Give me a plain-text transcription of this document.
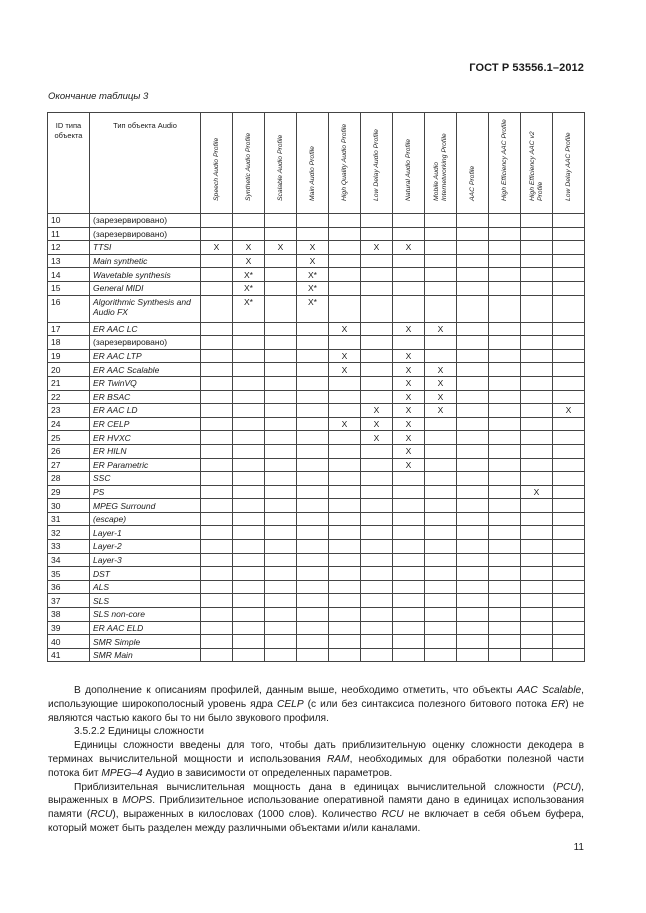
ГОСТ Р 53556.1–2012
Окончание таблицы 3
ID типа объекта	Тип объекта Audio	Speech Audio Profile	Synthetic Audio Profile	Scalable Audio Profile	Main Audio Profile	High Quality Audio Profile	Low Delay Audio Profile	Natural Audio Profile	Mobile Audio Internetworking Profile	AAC Profile	High Efficiency AAC Profile	High Efficiency AAC v2 Profile	Low Delay AAC Profile

10	(зарезервировано)												
11	(зарезервировано)												
12	TTSI	X	X	X	X		X	X					
13	Main synthetic		X		X								
14	Wavetable synthesis		X*		X*								
15	General MIDI		X*		X*								
16	Algorithmic Synthesis and Audio FX		X*		X*								
17	ER AAC LC					X		X	X				
18	(зарезервировано)												
19	ER AAC LTP					X		X					
20	ER AAC Scalable					X		X	X				
21	ER TwinVQ							X	X				
22	ER BSAC							X	X				
23	ER AAC LD						X	X	X				X
24	ER CELP					X	X	X					
25	ER HVXC						X	X					
26	ER HILN							X					
27	ER Parametric							X					
28	SSC												
29	PS											X	
30	MPEG Surround												
31	(escape)												
32	Layer-1												
33	Layer-2												
34	Layer-3												
35	DST												
36	ALS												
37	SLS												
38	SLS non-core												
39	ER AAC ELD												
40	SMR Simple												
41	SMR Main												

В дополнение к описаниям профилей, данным выше, необходимо отметить, что объекты AAC Scalable, использующие широкополосный уровень ядра CELP (с или без синтаксиса полезного битового потока ER) не являются частью какого бы то ни было звукового профиля.

3.5.2.2 Единицы сложности

Единицы сложности введены для того, чтобы дать приблизительную оценку сложности декодера в терминах вычислительной мощности и использования RAM, необходимых для обработки полезной части потока бит MPEG–4 Аудио в зависимости от определенных параметров.

Приблизительная вычислительная мощность дана в единицах вычислительной сложности (PCU), выраженных в MOPS. Приблизительное использование оперативной памяти дано в единицах использования памяти (RCU), выраженных в килословах (1000 слов). Количество RCU не включает в себя объем буфера, который может быть разделен между различными объектами и/или каналами.

11
